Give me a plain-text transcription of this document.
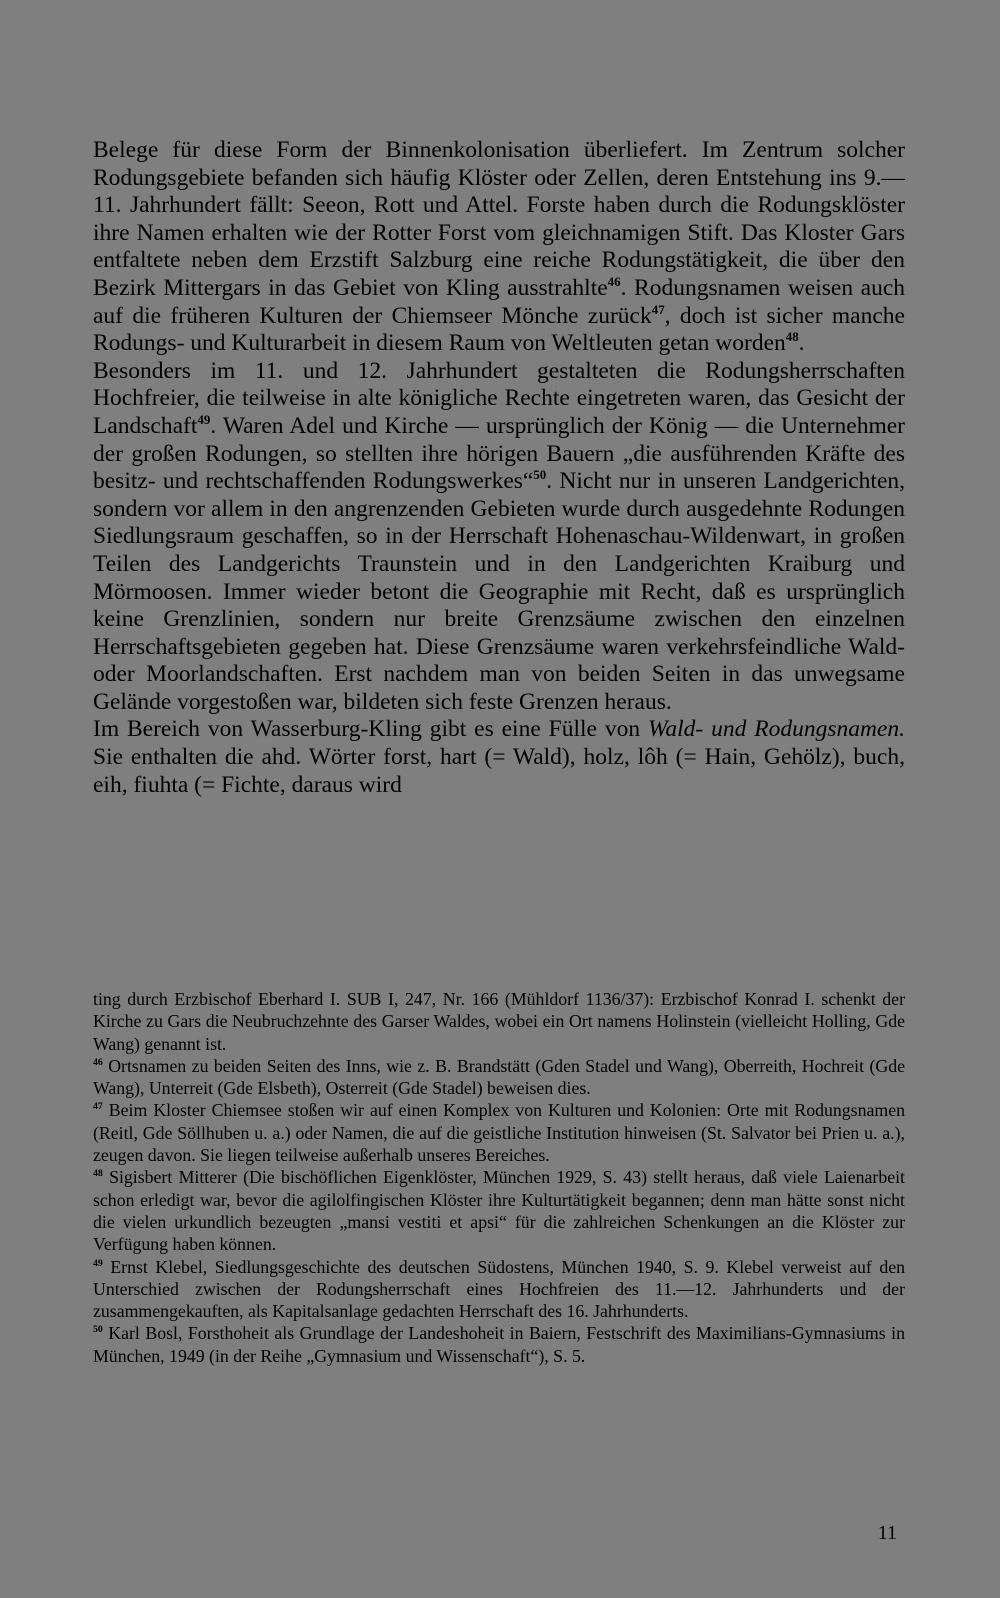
Belege für diese Form der Binnenkolonisation überliefert. Im Zentrum solcher Rodungsgebiete befanden sich häufig Klöster oder Zellen, deren Entstehung ins 9.—11. Jahrhundert fällt: Seeon, Rott und Attel. Forste haben durch die Rodungsklöster ihre Namen erhalten wie der Rotter Forst vom gleichnamigen Stift. Das Kloster Gars entfaltete neben dem Erzstift Salzburg eine reiche Rodungstätigkeit, die über den Bezirk Mittergars in das Gebiet von Kling ausstrahlte$^{46}$. Rodungsnamen weisen auch auf die früheren Kulturen der Chiemseer Mönche zurück$^{47}$, doch ist sicher manche Rodungs- und Kulturarbeit in diesem Raum von Weltleuten getan worden$^{48}$.

Besonders im 11. und 12. Jahrhundert gestalteten die Rodungsherrschaften Hochfreier, die teilweise in alte königliche Rechte eingetreten waren, das Gesicht der Landschaft$^{49}$. Waren Adel und Kirche — ursprünglich der König — die Unternehmer der großen Rodungen, so stellten ihre hörigen Bauern „die ausführenden Kräfte des besitz- und rechtschaffenden Rodungswerkes“$^{50}$. Nicht nur in unseren Landgerichten, sondern vor allem in den angrenzenden Gebieten wurde durch ausgedehnte Rodungen Siedlungsraum geschaffen, so in der Herrschaft Hohenaschau-Wildenwart, in großen Teilen des Landgerichts Traunstein und in den Landgerichten Kraiburg und Mörmoosen. Immer wieder betont die Geographie mit Recht, daß es ursprünglich keine Grenzlinien, sondern nur breite Grenzsäume zwischen den einzelnen Herrschaftsgebieten gegeben hat. Diese Grenzsäume waren verkehrsfeindliche Wald- oder Moorlandschaften. Erst nachdem man von beiden Seiten in das unwegsame Gelände vorgestoßen war, bildeten sich feste Grenzen heraus.

Im Bereich von Wasserburg-Kling gibt es eine Fülle von Wald- und Rodungsnamen. Sie enthalten die ahd. Wörter forst, hart (= Wald), holz, lôh (= Hain, Gehölz), buch, eih, fiuhta (= Fichte, daraus wird

ting durch Erzbischof Eberhard I. SUB I, 247, Nr. 166 (Mühldorf 1136/37): Erzbischof Konrad I. schenkt der Kirche zu Gars die Neubruchzehnte des Garser Waldes, wobei ein Ort namens Holinstein (vielleicht Holling, Gde Wang) genannt ist.

$^{46}$ Ortsnamen zu beiden Seiten des Inns, wie z. B. Brandstätt (Gden Stadel und Wang), Oberreith, Hochreit (Gde Wang), Unterreit (Gde Elsbeth), Osterreit (Gde Stadel) beweisen dies.

$^{47}$ Beim Kloster Chiemsee stoßen wir auf einen Komplex von Kulturen und Kolonien: Orte mit Rodungsnamen (Reitl, Gde Söllhuben u. a.) oder Namen, die auf die geistliche Institution hinweisen (St. Salvator bei Prien u. a.), zeugen davon. Sie liegen teilweise außerhalb unseres Bereiches.

$^{48}$ Sigisbert Mitterer (Die bischöflichen Eigenklöster, München 1929, S. 43) stellt heraus, daß viele Laienarbeit schon erledigt war, bevor die agilolfingischen Klöster ihre Kulturtätigkeit begannen; denn man hätte sonst nicht die vielen urkundlich bezeugten „mansi vestiti et apsi“ für die zahlreichen Schenkungen an die Klöster zur Verfügung haben können.

$^{49}$ Ernst Klebel, Siedlungsgeschichte des deutschen Südostens, München 1940, S. 9. Klebel verweist auf den Unterschied zwischen der Rodungsherrschaft eines Hochfreien des 11.—12. Jahrhunderts und der zusammengekauften, als Kapitalsanlage gedachten Herrschaft des 16. Jahrhunderts.

$^{50}$ Karl Bosl, Forsthoheit als Grundlage der Landeshoheit in Baiern, Festschrift des Maximilians-Gymnasiums in München, 1949 (in der Reihe „Gymnasium und Wissenschaft“), S. 5.

11
